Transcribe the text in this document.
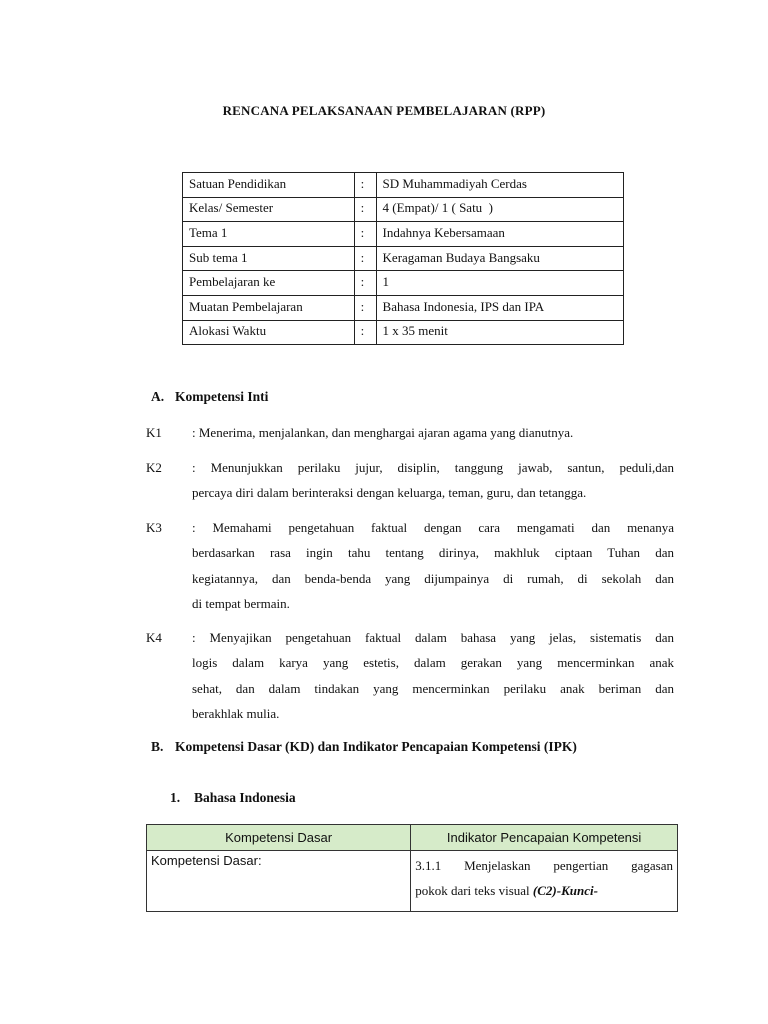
RENCANA PELAKSANAAN PEMBELAJARAN (RPP)
Satuan Pendidikan	:	SD Muhammadiyah Cerdas
Kelas/ Semester	:	4 (Empat)/ 1 ( Satu  )
Tema 1	:	Indahnya Kebersamaan
Sub tema 1	:	Keragaman Budaya Bangsaku
Pembelajaran ke	:	1
Muatan Pembelajaran	:	Bahasa Indonesia, IPS dan IPA
Alokasi Waktu	:	1 x 35 menit
A. Kompetensi Inti
K1 : Menerima, menjalankan, dan menghargai ajaran agama yang dianutnya.
K2 : Menunjukkan perilaku jujur, disiplin, tanggung jawab, santun, peduli,dan
percaya diri dalam berinteraksi dengan keluarga, teman, guru, dan tetangga.
K3 : Memahami pengetahuan faktual dengan cara mengamati dan menanya
berdasarkan rasa ingin tahu tentang dirinya, makhluk ciptaan Tuhan dan
kegiatannya, dan benda-benda yang dijumpainya di rumah, di sekolah dan
di tempat bermain.
K4 : Menyajikan pengetahuan faktual dalam bahasa yang jelas, sistematis dan
logis dalam karya yang estetis, dalam gerakan yang mencerminkan anak
sehat, dan dalam tindakan yang mencerminkan perilaku anak beriman dan
berakhlak mulia.
B. Kompetensi Dasar (KD) dan Indikator Pencapaian Kompetensi (IPK)
1. Bahasa Indonesia
Kompetensi Dasar	Indikator Pencapaian Kompetensi
Kompetensi Dasar:	3.1.1  Menjelaskan  pengertian  gagasan
pokok dari teks visual (C2)-Kunci-
